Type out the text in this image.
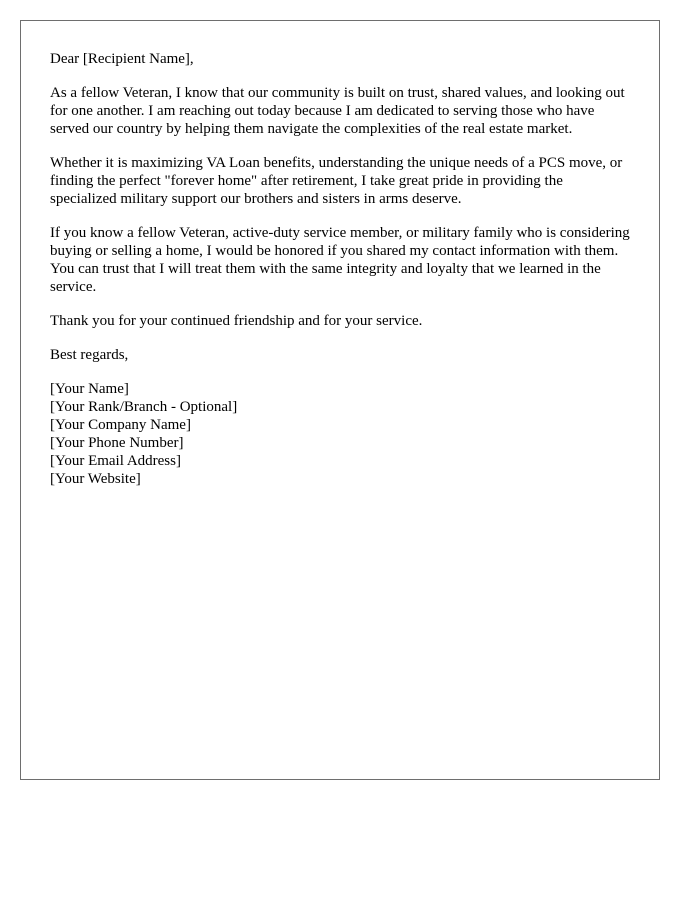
Dear [Recipient Name],

As a fellow Veteran, I know that our community is built on trust, shared values, and looking out for one another. I am reaching out today because I am dedicated to serving those who have served our country by helping them navigate the complexities of the real estate market.

Whether it is maximizing VA Loan benefits, understanding the unique needs of a PCS move, or finding the perfect "forever home" after retirement, I take great pride in providing the specialized military support our brothers and sisters in arms deserve.

If you know a fellow Veteran, active-duty service member, or military family who is considering buying or selling a home, I would be honored if you shared my contact information with them. You can trust that I will treat them with the same integrity and loyalty that we learned in the service.

Thank you for your continued friendship and for your service.

Best regards,

[Your Name]
[Your Rank/Branch - Optional]
[Your Company Name]
[Your Phone Number]
[Your Email Address]
[Your Website]
